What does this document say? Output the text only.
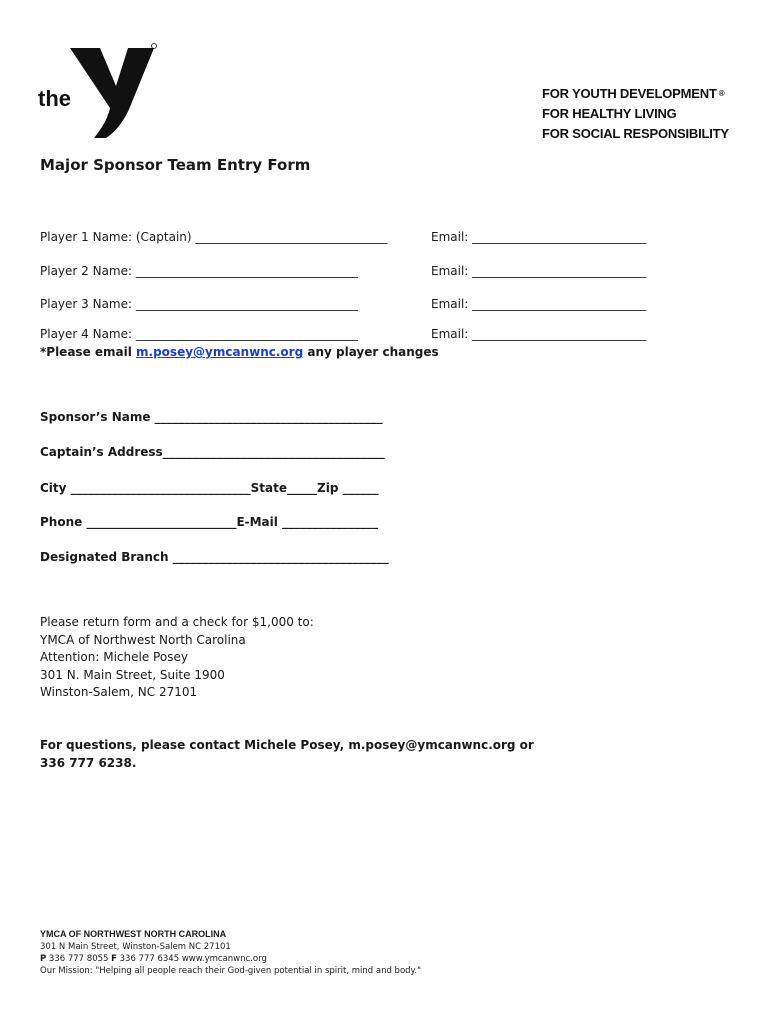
the
YMCA
FOR YOUTH DEVELOPMENT ®
FOR HEALTHY LIVING
FOR SOCIAL RESPONSIBILITY
Major Sponsor Team Entry Form
Player 1 Name: (Captain) ________________________________	Email: _____________________________
Player 2 Name: _____________________________________	Email: _____________________________
Player 3 Name: _____________________________________	Email: _____________________________
Player 4 Name: _____________________________________	Email: _____________________________
*Please email m.posey@ymcanwnc.org any player changes
Sponsor’s Name ______________________________________
Captain’s Address_____________________________________
City ______________________________State_____Zip ______
Phone _________________________E-Mail ________________
Designated Branch ____________________________________
Please return form and a check for $1,000 to:
YMCA of Northwest North Carolina
Attention: Michele Posey
301 N. Main Street, Suite 1900
Winston-Salem, NC 27101
For questions, please contact Michele Posey, m.posey@ymcanwnc.org or
336 777 6238.
YMCA OF NORTHWEST NORTH CAROLINA
301 N Main Street, Winston-Salem NC 27101
P 336 777 8055 F 336 777 6345 www.ymcanwnc.org
Our Mission: "Helping all people reach their God-given potential in spirit, mind and body."
